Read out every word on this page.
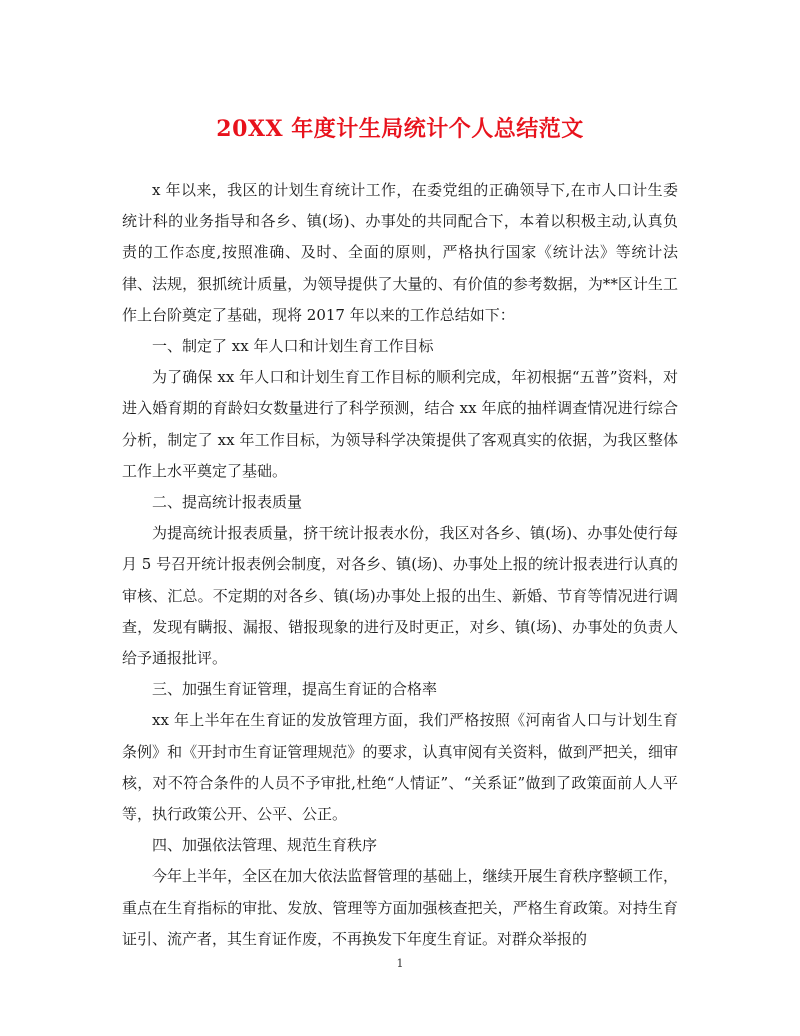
20XX 年度计生局统计个人总结范文

x 年以来，我区的计划生育统计工作，在委党组的正确领导下,在市人口计生委统计科的业务指导和各乡、镇(场)、办事处的共同配合下，本着以积极主动,认真负责的工作态度,按照准确、及时、全面的原则，严格执行国家《统计法》等统计法律、法规，狠抓统计质量，为领导提供了大量的、有价值的参考数据，为**区计生工作上台阶奠定了基础，现将 2017 年以来的工作总结如下：

一、制定了 xx 年人口和计划生育工作目标

为了确保 xx 年人口和计划生育工作目标的顺利完成，年初根据“五普”资料，对进入婚育期的育龄妇女数量进行了科学预测，结合 xx 年底的抽样调查情况进行综合分析，制定了 xx 年工作目标，为领导科学决策提供了客观真实的依据，为我区整体工作上水平奠定了基础。

二、提高统计报表质量

为提高统计报表质量，挤干统计报表水份，我区对各乡、镇(场)、办事处使行每月 5 号召开统计报表例会制度，对各乡、镇(场)、办事处上报的统计报表进行认真的审核、汇总。不定期的对各乡、镇(场)办事处上报的出生、新婚、节育等情况进行调查，发现有瞒报、漏报、错报现象的进行及时更正，对乡、镇(场)、办事处的负责人给予通报批评。

三、加强生育证管理，提高生育证的合格率

xx 年上半年在生育证的发放管理方面，我们严格按照《河南省人口与计划生育条例》和《开封市生育证管理规范》的要求，认真审阅有关资料，做到严把关，细审核，对不符合条件的人员不予审批,杜绝“人情证”、“关系证”做到了政策面前人人平等，执行政策公开、公平、公正。

四、加强依法管理、规范生育秩序

今年上半年，全区在加大依法监督管理的基础上，继续开展生育秩序整顿工作，重点在生育指标的审批、发放、管理等方面加强核查把关，严格生育政策。对持生育证引、流产者，其生育证作废，不再换发下年度生育证。对群众举报的

1
